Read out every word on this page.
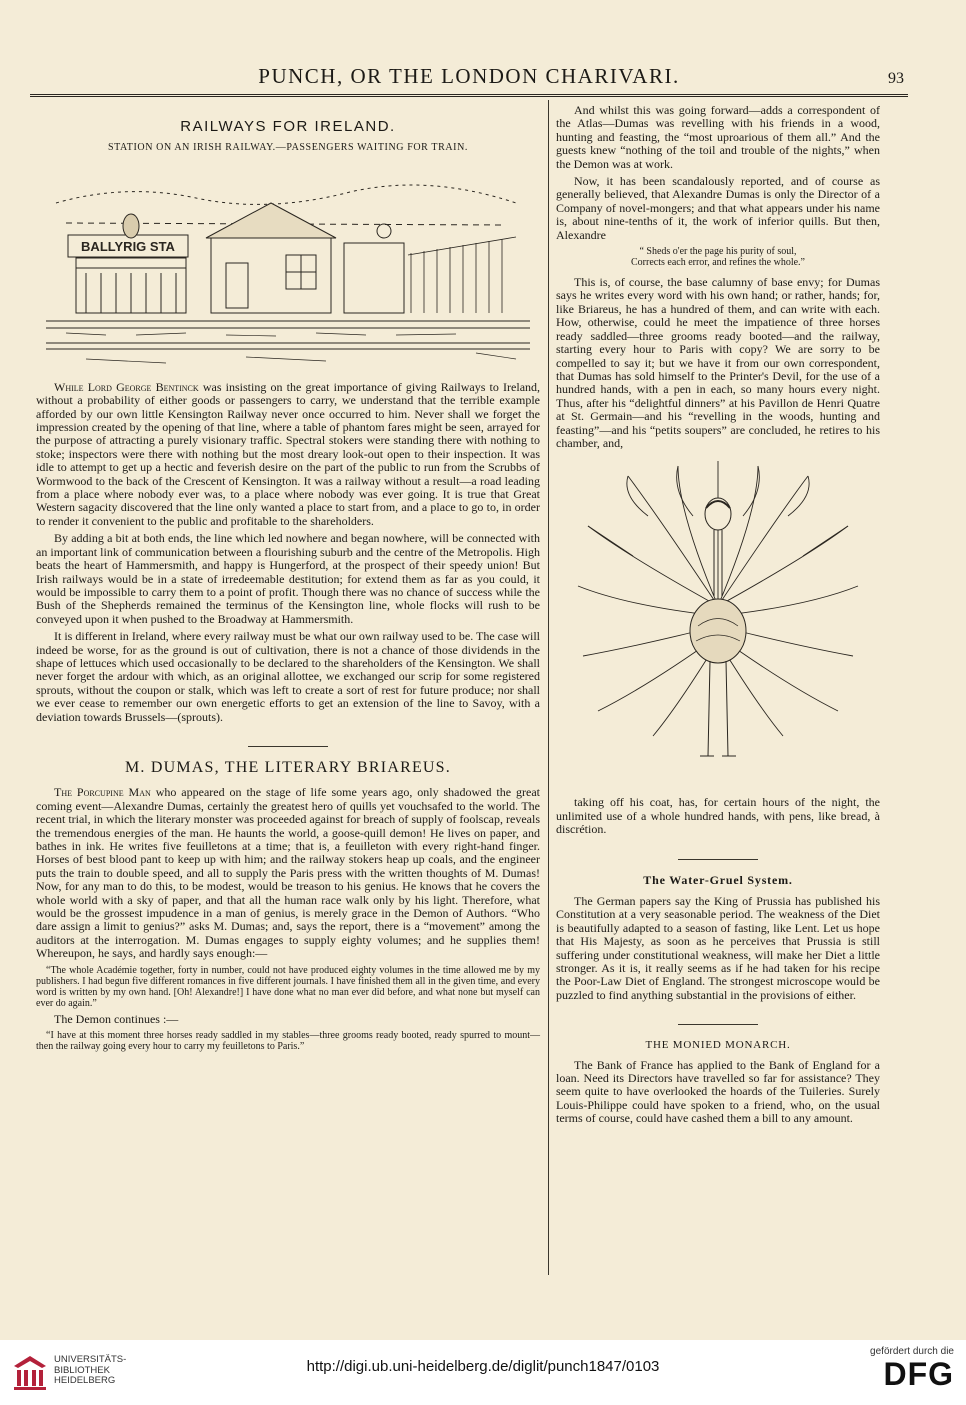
PUNCH, OR THE LONDON CHARIVARI.	93
RAILWAYS FOR IRELAND.
STATION ON AN IRISH RAILWAY.—PASSENGERS WAITING FOR TRAIN.
BALLYRIG STA

While Lord George Bentinck was insisting on the great importance of giving Railways to Ireland, without a probability of either goods or passengers to carry, we understand that the terrible example afforded by our own little Kensington Railway never once occurred to him. Never shall we forget the impression created by the opening of that line, where a table of phantom fares might be seen, arrayed for the purpose of attracting a purely visionary traffic. Spectral stokers were standing there with nothing to stoke; inspectors were there with nothing but the most dreary look-out open to their inspection. It was idle to attempt to get up a hectic and feverish desire on the part of the public to run from the Scrubbs of Wormwood to the back of the Crescent of Kensington. It was a railway without a result—a road leading from a place where nobody ever was, to a place where nobody was ever going. It is true that Great Western sagacity discovered that the line only wanted a place to start from, and a place to go to, in order to render it convenient to the public and profitable to the shareholders.

By adding a bit at both ends, the line which led nowhere and began nowhere, will be connected with an important link of communication between a flourishing suburb and the centre of the Metropolis. High beats the heart of Hammersmith, and happy is Hungerford, at the prospect of their speedy union! But Irish railways would be in a state of irredeemable destitution; for extend them as far as you could, it would be impossible to carry them to a point of profit. Though there was no chance of success while the Bush of the Shepherds remained the terminus of the Kensington line, whole flocks will rush to be conveyed upon it when pushed to the Broadway at Hammersmith.

It is different in Ireland, where every railway must be what our own railway used to be. The case will indeed be worse, for as the ground is out of cultivation, there is not a chance of those dividends in the shape of lettuces which used occasionally to be declared to the shareholders of the Kensington. We shall never forget the ardour with which, as an original allottee, we exchanged our scrip for some registered sprouts, without the coupon or stalk, which was left to create a sort of rest for future produce; nor shall we ever cease to remember our own energetic efforts to get an extension of the line to Savoy, with a deviation towards Brussels—(sprouts).

M. DUMAS, THE LITERARY BRIAREUS.

The Porcupine Man who appeared on the stage of life some years ago, only shadowed the great coming event—Alexandre Dumas, certainly the greatest hero of quills yet vouchsafed to the world. The recent trial, in which the literary monster was proceeded against for breach of supply of foolscap, reveals the tremendous energies of the man. He haunts the world, a goose-quill demon! He lives on paper, and bathes in ink. He writes five feuilletons at a time; that is, a feuilleton with every right-hand finger. Horses of best blood pant to keep up with him; and the railway stokers heap up coals, and the engineer puts the train to double speed, and all to supply the Paris press with the written thoughts of M. Dumas! Now, for any man to do this, to be modest, would be treason to his genius. He knows that he covers the whole world with a sky of paper, and that all the human race walk only by his light. Therefore, what would be the grossest impudence in a man of genius, is merely grace in the Demon of Authors. “Who dare assign a limit to genius?” asks M. Dumas; and, says the report, there is a “movement” among the auditors at the interrogation. M. Dumas engages to supply eighty volumes; and he supplies them! Whereupon, he says, and hardly says enough:—

“The whole Académie together, forty in number, could not have produced eighty volumes in the time allowed me by my publishers. I had begun five different romances in five different journals. I have finished them all in the given time, and every word is written by my own hand. [Oh! Alexandre!] I have done what no man ever did before, and what none but myself can ever do again.”

The Demon continues :—

“I have at this moment three horses ready saddled in my stables—three grooms ready booted, ready spurred to mount—then the railway going every hour to carry my feuilletons to Paris.”

And whilst this was going forward—adds a correspondent of the Atlas—Dumas was revelling with his friends in a wood, hunting and feasting, the “most uproarious of them all.” And the guests knew “nothing of the toil and trouble of the nights,” when the Demon was at work.

Now, it has been scandalously reported, and of course as generally believed, that Alexandre Dumas is only the Director of a Company of novel-mongers; and that what appears under his name is, about nine-tenths of it, the work of inferior quills. But then, Alexandre

“ Sheds o'er the page his purity of soul,
Corrects each error, and refines the whole.”

This is, of course, the base calumny of base envy; for Dumas says he writes every word with his own hand; or rather, hands; for, like Briareus, he has a hundred of them, and can write with each. How, otherwise, could he meet the impatience of three horses ready saddled—three grooms ready booted—and the railway, starting every hour to Paris with copy? We are sorry to be compelled to say it; but we have it from our own correspondent, that Dumas has sold himself to the Printer's Devil, for the use of a hundred hands, with a pen in each, so many hours every night. Thus, after his “delightful dinners” at his Pavillon de Henri Quatre at St. Germain—and his “revelling in the woods, hunting and feasting”—and his “petits soupers” are concluded, he retires to his chamber, and,

taking off his coat, has, for certain hours of the night, the unlimited use of a whole hundred hands, with pens, like bread, à discrétion.

The Water-Gruel System.

The German papers say the King of Prussia has published his Constitution at a very seasonable period. The weakness of the Diet is beautifully adapted to a season of fasting, like Lent. Let us hope that His Majesty, as soon as he perceives that Prussia is still suffering under constitutional weakness, will make her Diet a little stronger. As it is, it really seems as if he had taken for his recipe the Poor-Law Diet of England. The strongest microscope would be puzzled to find anything substantial in the provisions of either.

THE MONIED MONARCH.

The Bank of France has applied to the Bank of England for a loan. Need its Directors have travelled so far for assistance? They seem quite to have overlooked the hoards of the Tuileries. Surely Louis-Philippe could have spoken to a friend, who, on the usual terms of course, could have cashed them a bill to any amount.

UNIVERSITÄTS-
BIBLIOTHEK
HEIDELBERG
http://digi.ub.uni-heidelberg.de/diglit/punch1847/0103
gefördert durch die
DFG
